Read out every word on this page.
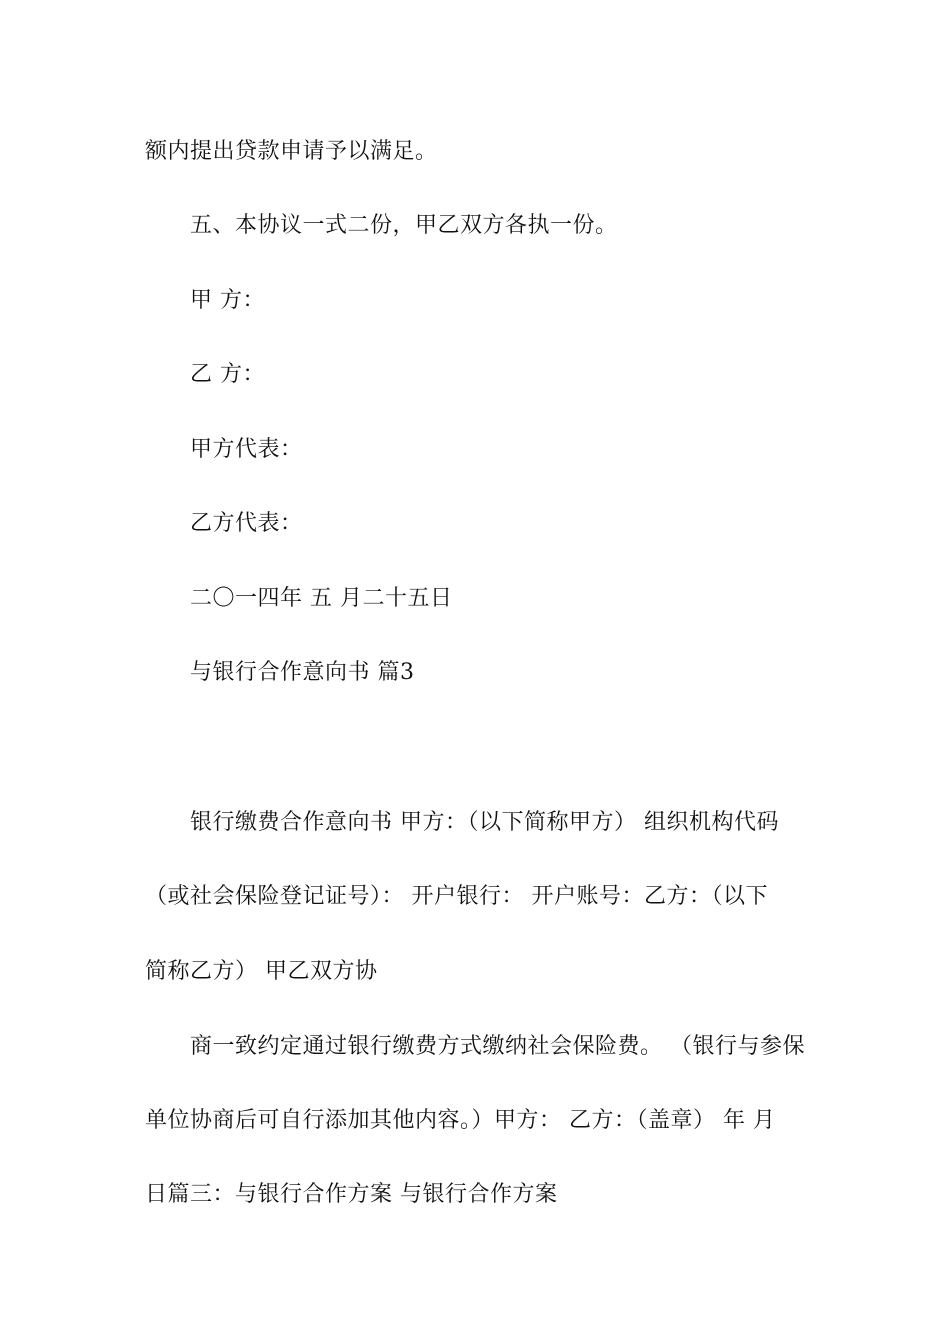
额内提出贷款申请予以满足。
五、本协议一式二份，甲乙双方各执一份。
甲 方：
乙 方：
甲方代表：
乙方代表：
二〇一四年 五 月二十五日
与银行合作意向书 篇3
银行缴费合作意向书 甲方：（以下简称甲方） 组织机构代码
（或社会保险登记证号）： 开户银行： 开户账号：乙方：（以下
简称乙方） 甲乙双方协
商一致约定通过银行缴费方式缴纳社会保险费。 （银行与参保
单位协商后可自行添加其他内容。）甲方： 乙方：（盖章） 年 月
日篇三：与银行合作方案 与银行合作方案
